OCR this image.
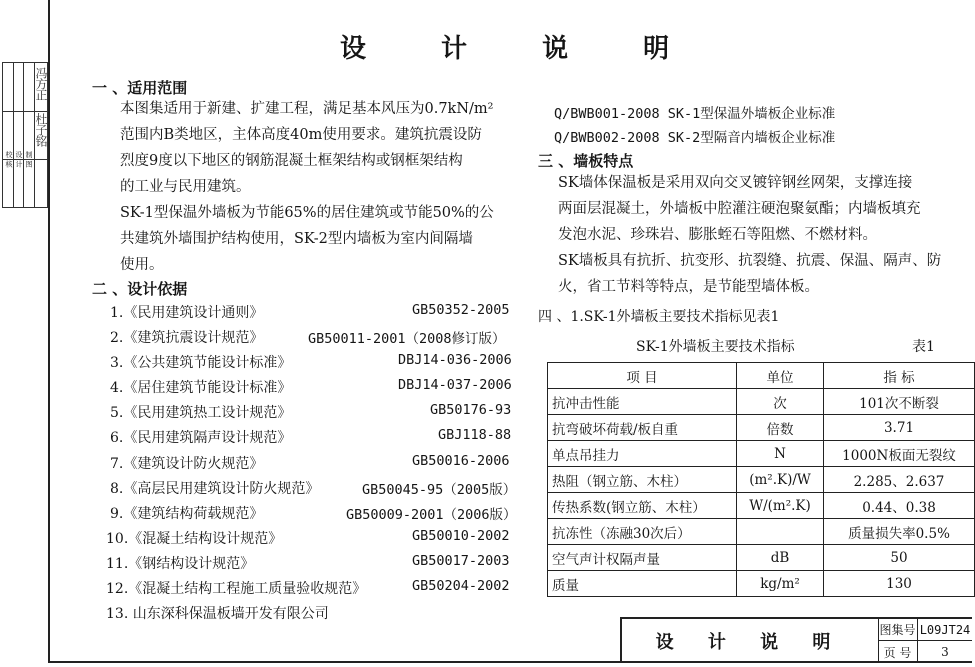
校 核 设 计 制 图
冯方正
杜子铭
设 计 说 明
一 、适用范围
本图集适用于新建、扩建工程，满足基本风压为0.7kN/m²
范围内B类地区，主体高度40m使用要求。建筑抗震设防
烈度9度以下地区的钢筋混凝土框架结构或钢框架结构
的工业与民用建筑。
SK-1型保温外墙板为节能65%的居住建筑或节能50%的公
共建筑外墙围护结构使用，SK-2型内墙板为室内间隔墙
使用。
二 、设计依据
1.《民用建筑设计通则》	GB50352-2005
2.《建筑抗震设计规范》	GB50011-2001（2008修订版）
3.《公共建筑节能设计标准》	DBJ14-036-2006
4.《居住建筑节能设计标准》	DBJ14-037-2006
5.《民用建筑热工设计规范》	GB50176-93
6.《民用建筑隔声设计规范》	GBJ118-88
7.《建筑设计防火规范》	GB50016-2006
8.《高层民用建筑设计防火规范》	GB50045-95（2005版）
9.《建筑结构荷载规范》	GB50009-2001（2006版）
10.《混凝土结构设计规范》	GB50010-2002
11.《钢结构设计规范》	GB50017-2003
12.《混凝土结构工程施工质量验收规范》	GB50204-2002
13. 山东深科保温板墙开发有限公司
Q/BWB001-2008 SK-1型保温外墙板企业标准
Q/BWB002-2008 SK-2型隔音内墙板企业标准
三 、墙板特点
SK墙体保温板是采用双向交叉镀锌钢丝网架，支撑连接
两面层混凝土，外墙板中腔灌注硬泡聚氨酯；内墙板填充
发泡水泥、珍珠岩、膨胀蛭石等阻燃、不燃材料。
SK墙板具有抗折、抗变形、抗裂缝、抗震、保温、隔声、防
火，省工节料等特点，是节能型墙体板。
四 、1.SK-1外墙板主要技术指标见表1
SK-1外墙板主要技术指标	表1
项 目	单位	指 标
抗冲击性能	次	101次不断裂
抗弯破坏荷载/板自重	倍数	3.71
单点吊挂力	N	1000N板面无裂纹
热阻（钢立筋、木柱）	(m².K)/W	2.285、2.637
传热系数(钢立筋、木柱）	W/(m².K)	0.44、0.38
抗冻性（冻融30次后）		质量损失率0.5%
空气声计权隔声量	dB	50
质量	kg/m²	130
设 计 说 明
图集号 L09JT24
页 号	3
